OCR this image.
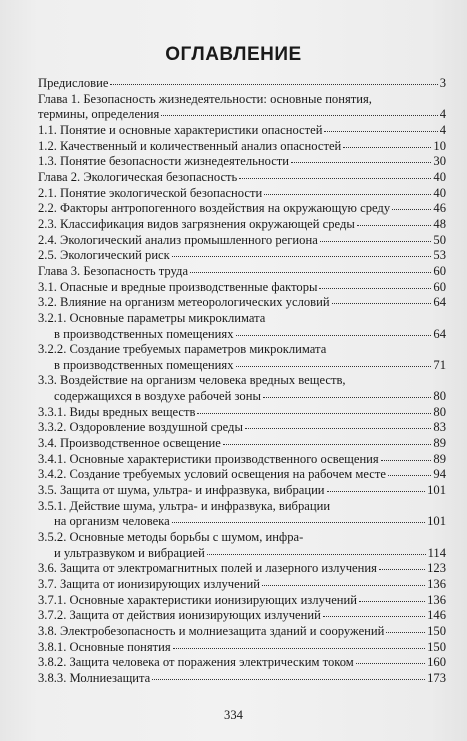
ОГЛАВЛЕНИЕ
Предисловие	3
Глава 1. Безопасность жизнедеятельности: основные понятия,
термины, определения	4
1.1. Понятие и основные характеристики опасностей	4
1.2. Качественный и количественный анализ опасностей	10
1.3. Понятие безопасности жизнедеятельности	30
Глава 2. Экологическая безопасность	40
2.1. Понятие экологической безопасности	40
2.2. Факторы антропогенного воздействия на окружающую среду	46
2.3. Классификация видов загрязнения окружающей среды	48
2.4. Экологический анализ промышленного региона	50
2.5. Экологический риск	53
Глава 3. Безопасность труда	60
3.1. Опасные и вредные производственные факторы	60
3.2. Влияние на организм метеорологических условий	64
3.2.1. Основные параметры микроклимата
в производственных помещениях	64
3.2.2. Создание требуемых параметров микроклимата
в производственных помещениях	71
3.3. Воздействие на организм человека вредных веществ,
содержащихся в воздухе рабочей зоны	80
3.3.1. Виды вредных веществ	80
3.3.2. Оздоровление воздушной среды	83
3.4. Производственное освещение	89
3.4.1. Основные характеристики производственного освещения	89
3.4.2. Создание требуемых условий освещения на рабочем месте	94
3.5. Защита от шума, ультра- и инфразвука, вибрации	101
3.5.1. Действие шума, ультра- и инфразвука, вибрации
на организм человека	101
3.5.2. Основные методы борьбы с шумом, инфра-
и ультразвуком и вибрацией	114
3.6. Защита от электромагнитных полей и лазерного излучения	123
3.7. Защита от ионизирующих излучений	136
3.7.1. Основные характеристики ионизирующих излучений	136
3.7.2. Защита от действия ионизирующих излучений	146
3.8. Электробезопасность и молниезащита зданий и сооружений	150
3.8.1. Основные понятия	150
3.8.2. Защита человека от поражения электрическим током	160
3.8.3. Молниезащита	173
334
